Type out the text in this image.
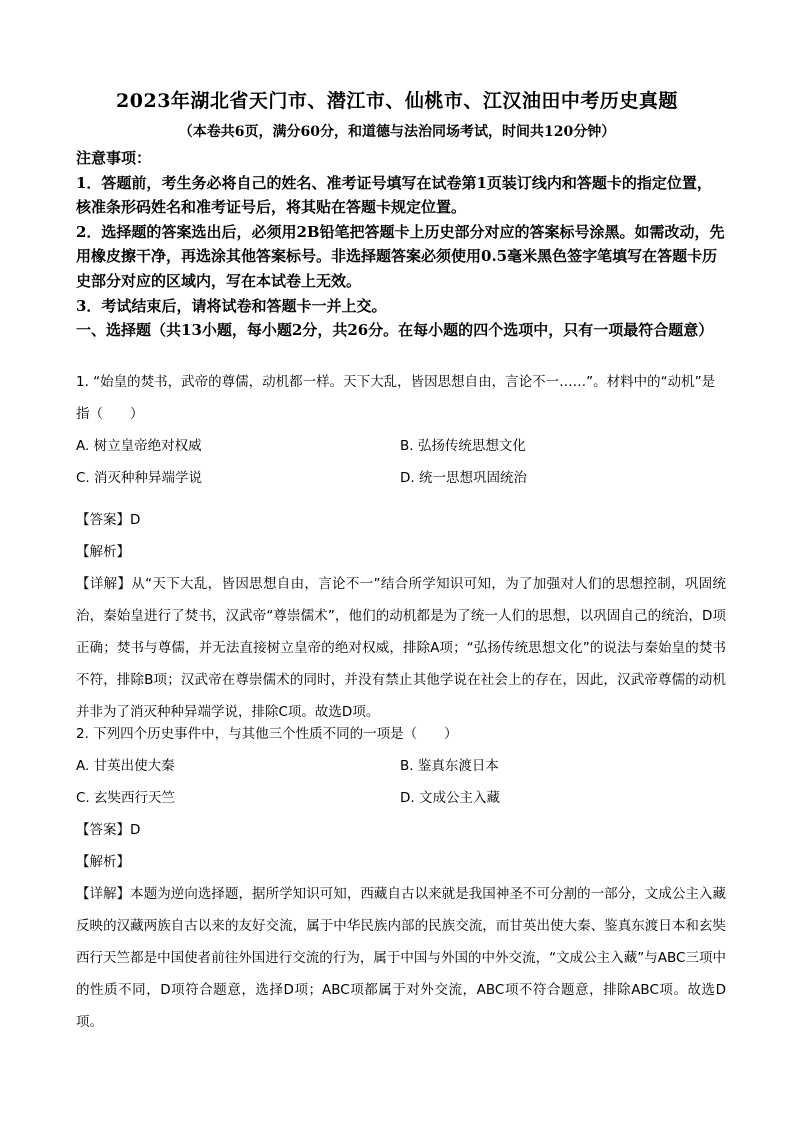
2023年湖北省天门市、潜江市、仙桃市、江汉油田中考历史真题
（本卷共6页，满分60分，和道德与法治同场考试，时间共120分钟）

注意事项：

1．答题前，考生务必将自己的姓名、准考证号填写在试卷第1页装订线内和答题卡的指定位置，核准条形码姓名和准考证号后，将其贴在答题卡规定位置。

2．选择题的答案选出后，必须用2B铅笔把答题卡上历史部分对应的答案标号涂黑。如需改动，先用橡皮擦干净，再选涂其他答案标号。非选择题答案必须使用0.5毫米黑色签字笔填写在答题卡历史部分对应的区域内，写在本试卷上无效。

3．考试结束后，请将试卷和答题卡一并上交。

一、选择题（共13小题，每小题2分，共26分。在每小题的四个选项中，只有一项最符合题意）

1. “始皇的焚书，武帝的尊儒，动机都一样。天下大乱，皆因思想自由，言论不一……”。材料中的“动机”是指（　　）

A. 树立皇帝绝对权威	B. 弘扬传统思想文化
C. 消灭种种异端学说	D. 统一思想巩固统治

【答案】D

【解析】

【详解】从“天下大乱，皆因思想自由，言论不一”结合所学知识可知，为了加强对人们的思想控制，巩固统治，秦始皇进行了焚书，汉武帝“尊崇儒术”，他们的动机都是为了统一人们的思想，以巩固自己的统治，D项正确；焚书与尊儒，并无法直接树立皇帝的绝对权威，排除A项；“弘扬传统思想文化”的说法与秦始皇的焚书不符，排除B项；汉武帝在尊崇儒术的同时，并没有禁止其他学说在社会上的存在，因此，汉武帝尊儒的动机并非为了消灭种种异端学说，排除C项。故选D项。

2. 下列四个历史事件中，与其他三个性质不同的一项是（　　）

A. 甘英出使大秦	B. 鉴真东渡日本
C. 玄奘西行天竺	D. 文成公主入藏

【答案】D

【解析】

【详解】本题为逆向选择题，据所学知识可知，西藏自古以来就是我国神圣不可分割的一部分，文成公主入藏反映的汉藏两族自古以来的友好交流，属于中华民族内部的民族交流，而甘英出使大秦、鉴真东渡日本和玄奘西行天竺都是中国使者前往外国进行交流的行为，属于中国与外国的中外交流，“文成公主入藏”与ABC三项中的性质不同，D项符合题意，选择D项；ABC项都属于对外交流，ABC项不符合题意，排除ABC项。故选D项。
